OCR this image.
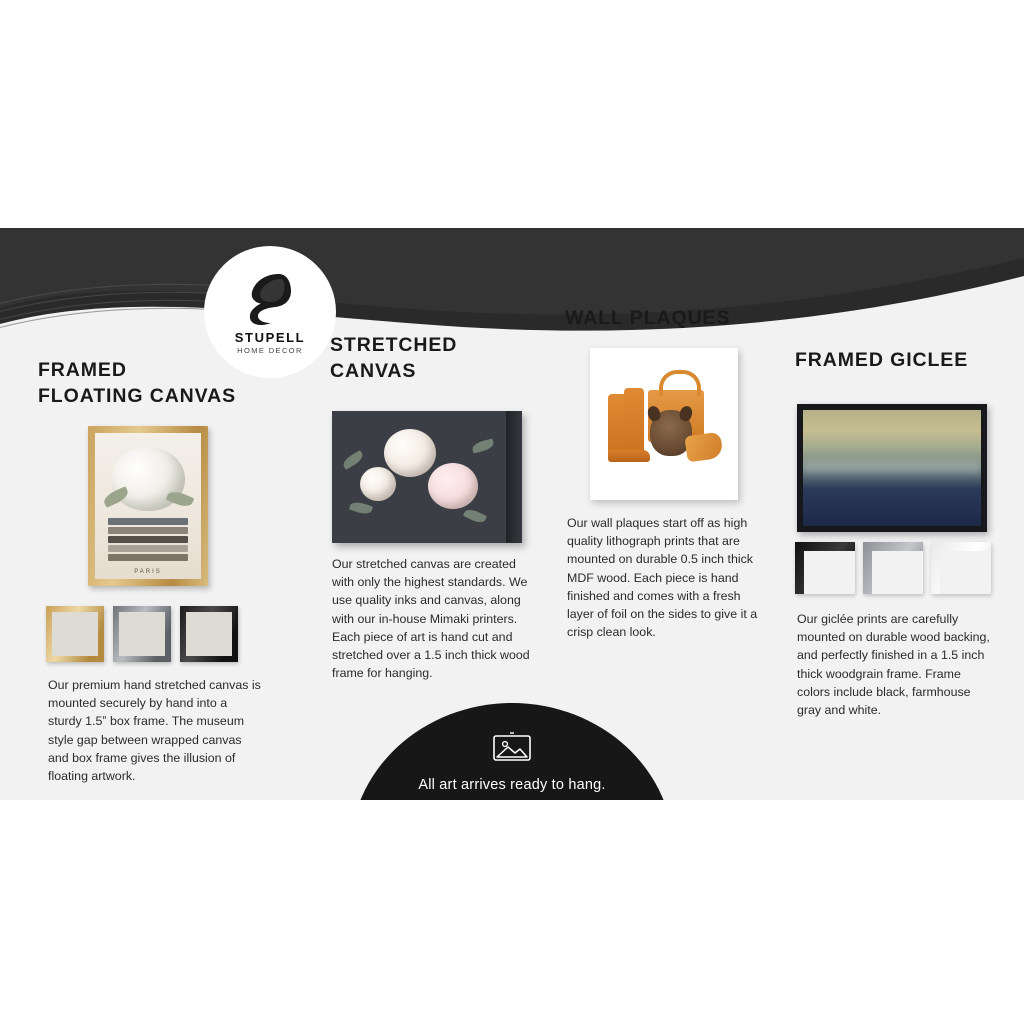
STUPELL
HOME DECOR
FRAMED
FLOATING CANVAS
PARIS
Our premium hand stretched canvas is mounted securely by hand into a sturdy 1.5ˮ box frame. The museum style gap between wrapped canvas and box frame gives the illusion of floating artwork.
STRETCHED
CANVAS
Our stretched canvas are created with only the highest standards. We use quality inks and canvas, along with our in-house Mimaki printers. Each piece of art is hand cut and stretched over a 1.5 inch thick wood frame for hanging.
WALL PLAQUES
Our wall plaques start off as high quality lithograph prints that are mounted on durable 0.5 inch thick MDF wood. Each piece is hand finished and comes with a fresh layer of foil on the sides to give it a crisp clean look.
FRAMED GICLEE
Our giclée prints are carefully mounted on durable wood backing, and perfectly finished in a 1.5 inch thick woodgrain frame. Frame colors include black, farmhouse gray and white.
All art arrives ready to hang.
